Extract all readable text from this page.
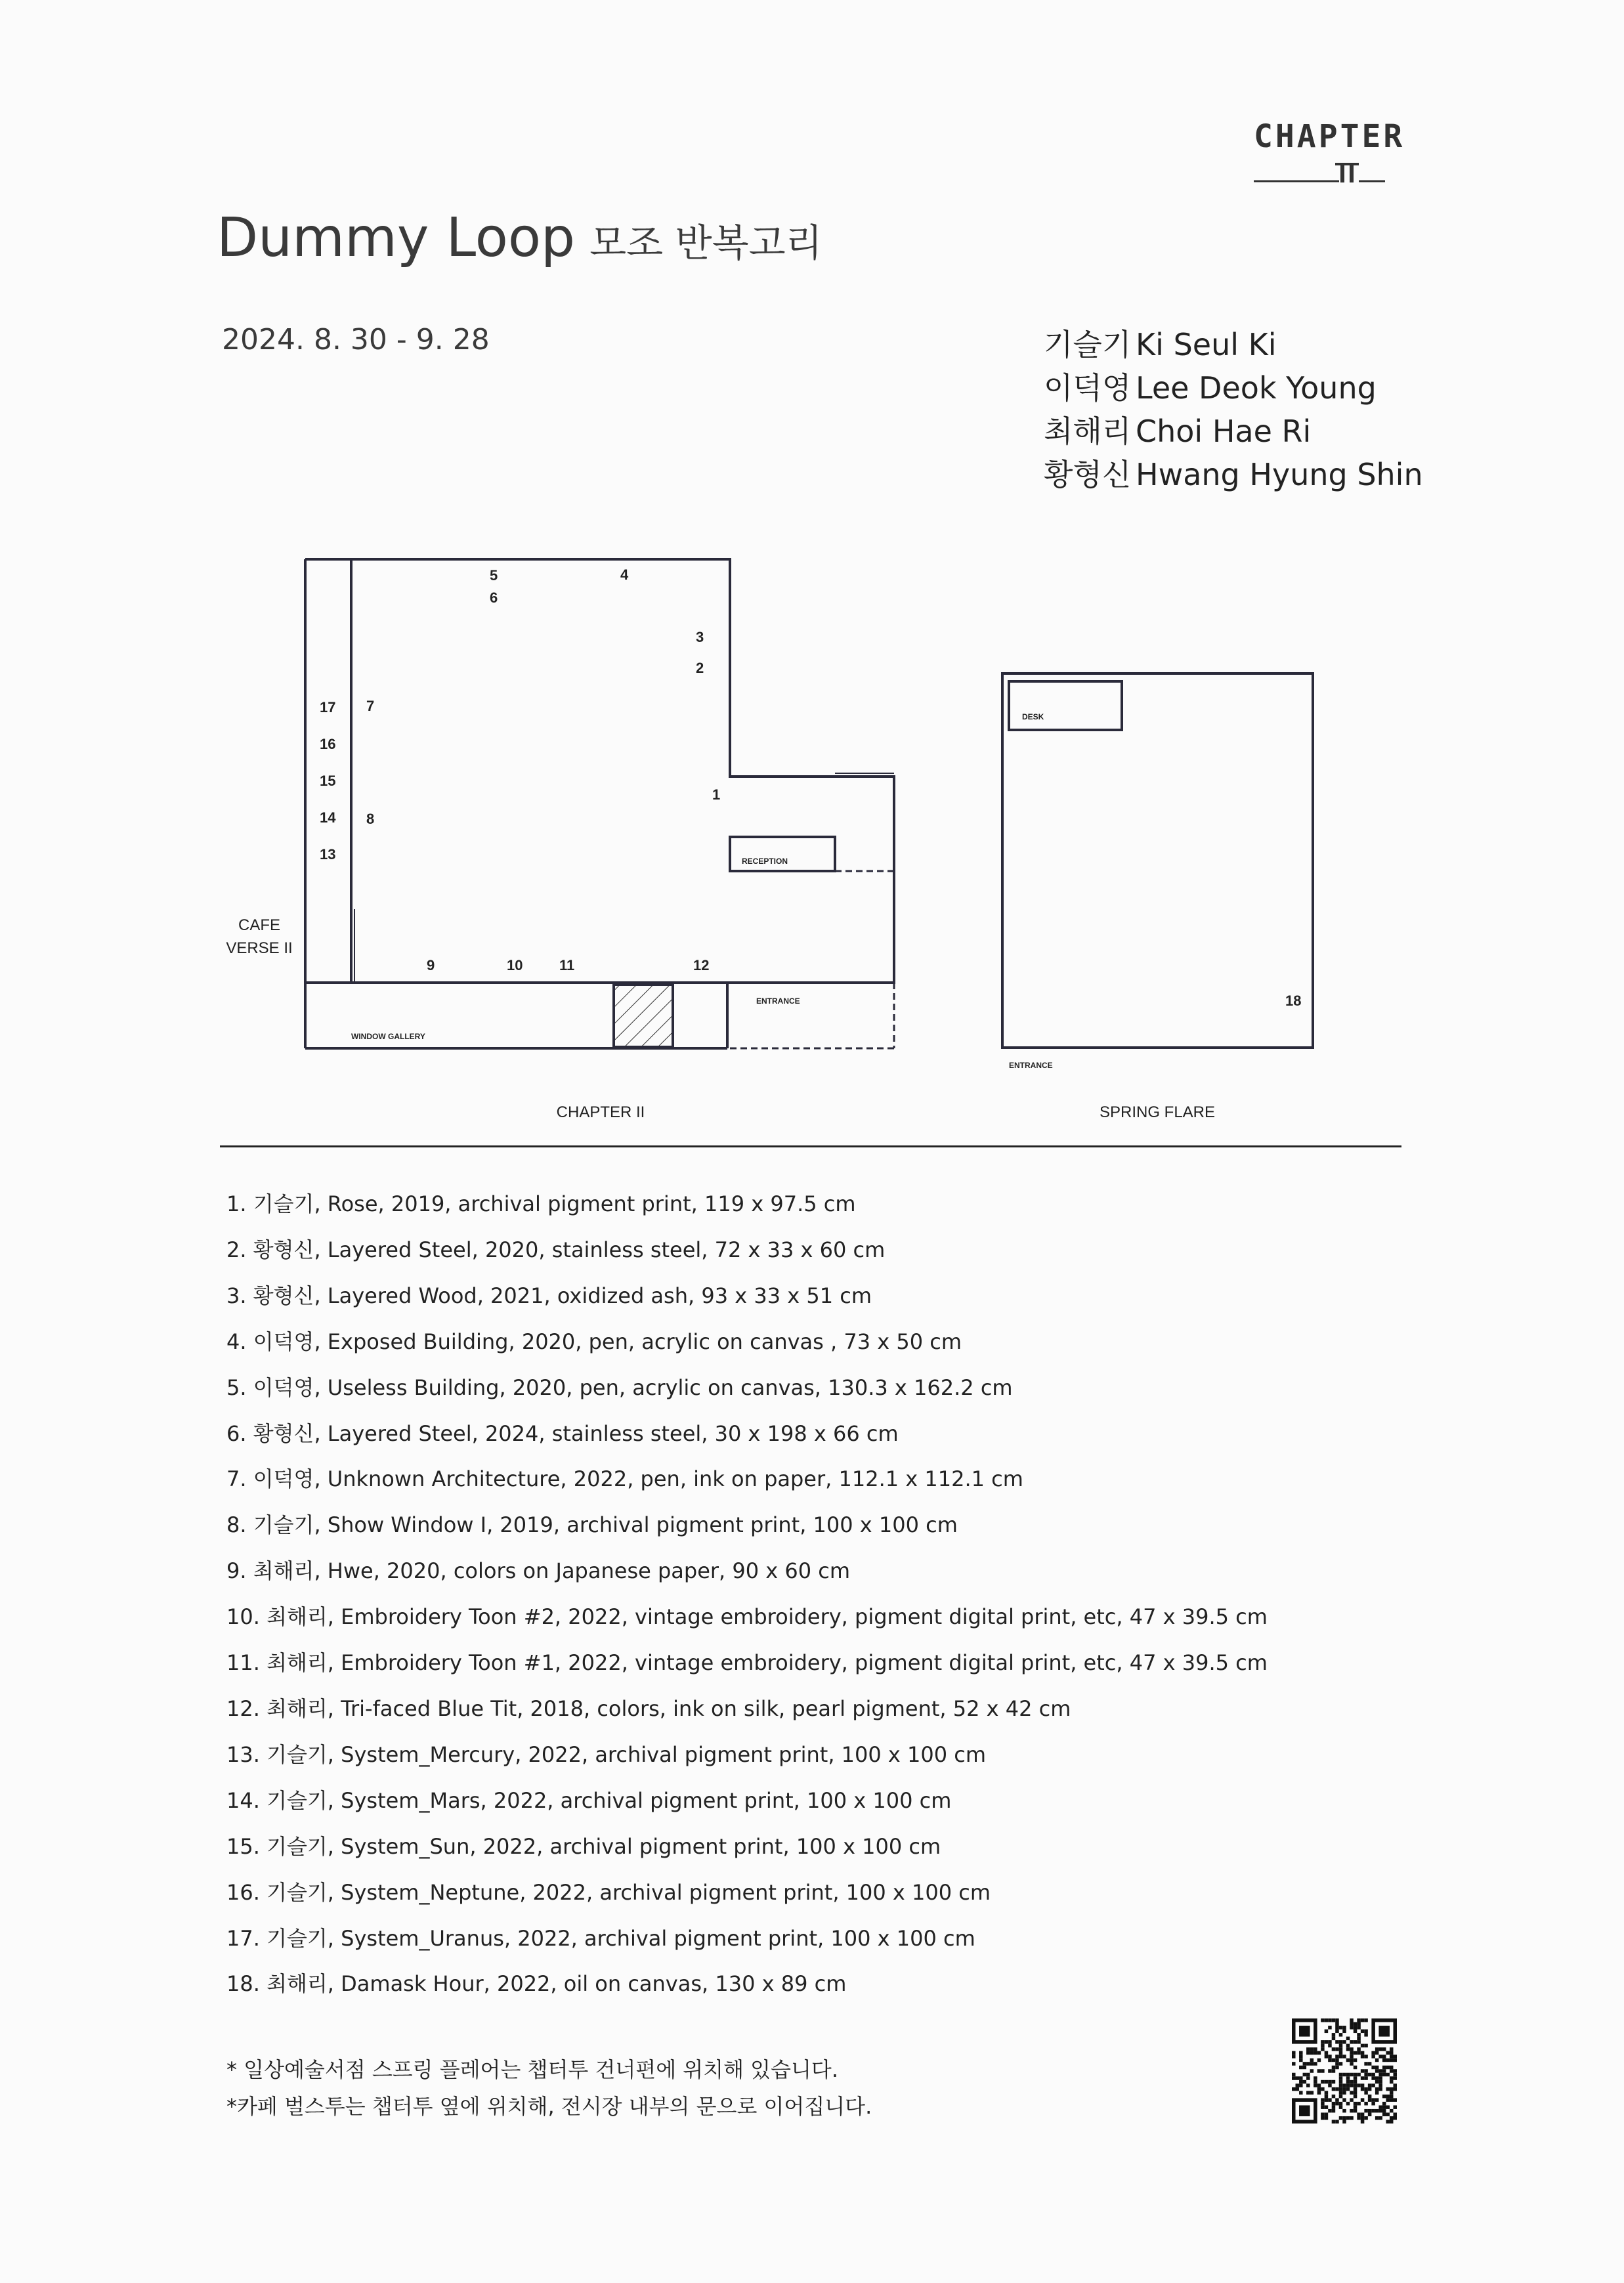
CHAPTER
Dummy Loop 모조 반복고리
2024. 8. 30 - 9. 28	기슬기 Ki Seul Ki
이덕영 Lee Deok Young
최해리 Choi Hae Ri
황형신 Hwang Hyung Shin
1
2
3
4
5
6
7
8
9	10	11	12
13
14
15
16
17
18
RECEPTION
ENTRANCE
WINDOW GALLERY
DESK
ENTRANCE
CAFE
VERSE II
CHAPTER II	SPRING FLARE
1. 기슬기, Rose, 2019, archival pigment print, 119 x 97.5 cm
2. 황형신, Layered Steel, 2020, stainless steel, 72 x 33 x 60 cm
3. 황형신, Layered Wood, 2021, oxidized ash, 93 x 33 x 51 cm
4. 이덕영, Exposed Building, 2020, pen, acrylic on canvas , 73 x 50 cm
5. 이덕영, Useless Building, 2020, pen, acrylic on canvas, 130.3 x 162.2 cm
6. 황형신, Layered Steel, 2024, stainless steel, 30 x 198 x 66 cm
7. 이덕영, Unknown Architecture, 2022, pen, ink on paper, 112.1 x 112.1 cm
8. 기슬기, Show Window I, 2019, archival pigment print, 100 x 100 cm
9. 최해리, Hwe, 2020, colors on Japanese paper, 90 x 60 cm
10. 최해리, Embroidery Toon #2, 2022, vintage embroidery, pigment digital print, etc, 47 x 39.5 cm
11. 최해리, Embroidery Toon #1, 2022, vintage embroidery, pigment digital print, etc, 47 x 39.5 cm
12. 최해리, Tri-faced Blue Tit, 2018, colors, ink on silk, pearl pigment, 52 x 42 cm
13. 기슬기, System_Mercury, 2022, archival pigment print, 100 x 100 cm
14. 기슬기, System_Mars, 2022, archival pigment print, 100 x 100 cm
15. 기슬기, System_Sun, 2022, archival pigment print, 100 x 100 cm
16. 기슬기, System_Neptune, 2022, archival pigment print, 100 x 100 cm
17. 기슬기, System_Uranus, 2022, archival pigment print, 100 x 100 cm
18. 최해리, Damask Hour, 2022, oil on canvas, 130 x 89 cm
* 일상예술서점 스프링 플레어는 챕터투 건너편에 위치해 있습니다.
*카페 벌스투는 챕터투 옆에 위치해, 전시장 내부의 문으로 이어집니다.
